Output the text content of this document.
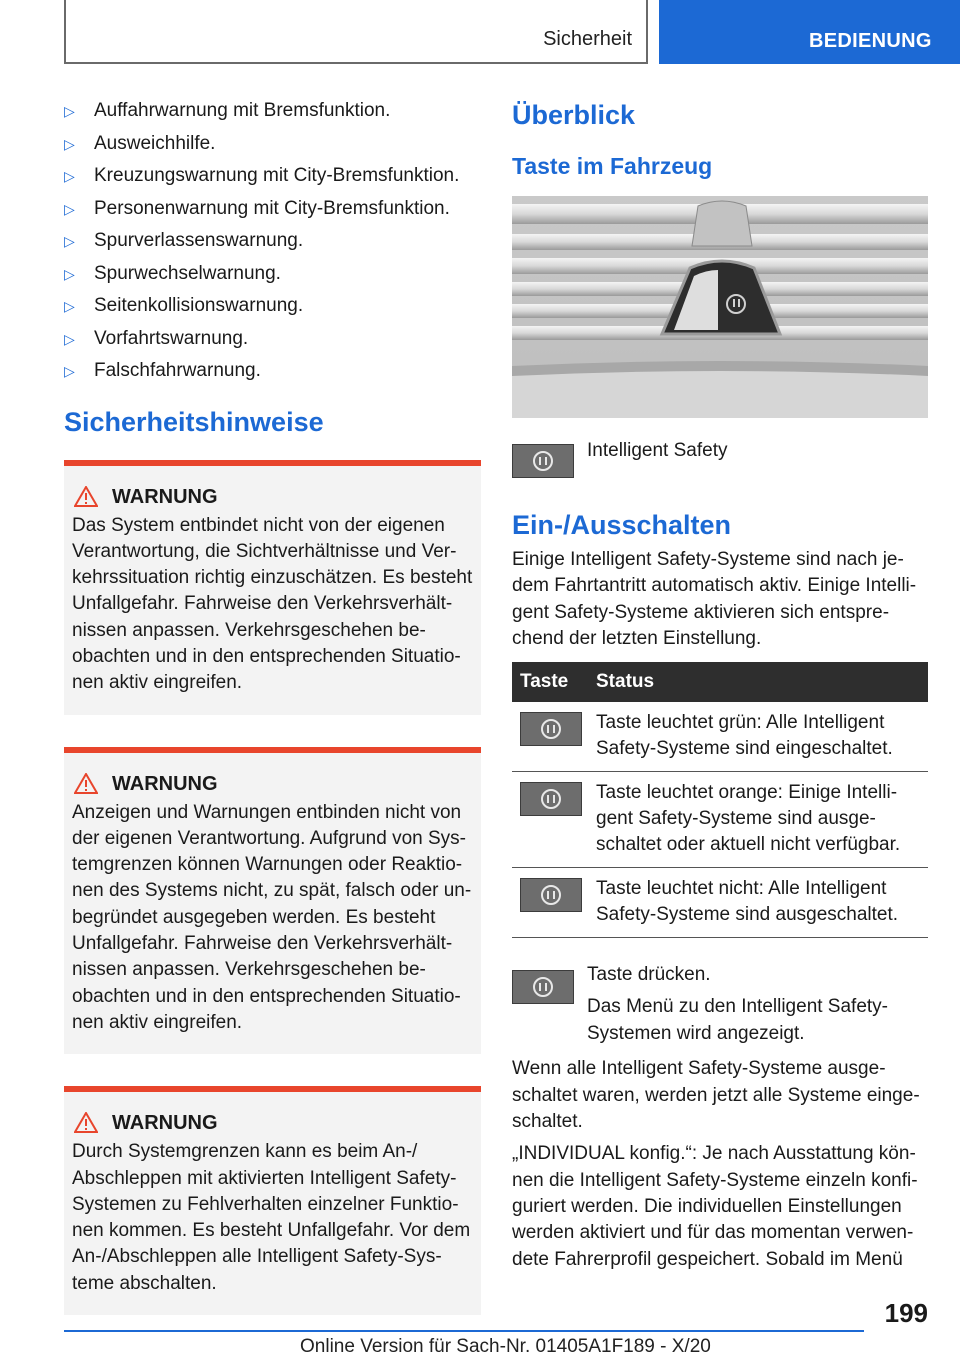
Sicherheit	BEDIENUNG
▷ Auffahrwarnung mit Bremsfunktion.
▷ Ausweichhilfe.
▷ Kreuzungswarnung mit City-Bremsfunktion.
▷ Personenwarnung mit City-Bremsfunktion.
▷ Spurverlassenswarnung.
▷ Spurwechselwarnung.
▷ Seitenkollisionswarnung.
▷ Vorfahrtswarnung.
▷ Falschfahrwarnung.
Sicherheitshinweise
WARNUNG
Das System entbindet nicht von der eigenen Verantwortung, die Sichtverhältnisse und Verkehrssituation richtig einzuschätzen. Es besteht Unfallgefahr. Fahrweise den Verkehrsverhältnissen anpassen. Verkehrsgeschehen beobachten und in den entsprechenden Situationen aktiv eingreifen.
WARNUNG
Anzeigen und Warnungen entbinden nicht von der eigenen Verantwortung. Aufgrund von Systemgrenzen können Warnungen oder Reaktionen des Systems nicht, zu spät, falsch oder unbegründet ausgegeben werden. Es besteht Unfallgefahr. Fahrweise den Verkehrsverhältnissen anpassen. Verkehrsgeschehen beobachten und in den entsprechenden Situationen aktiv eingreifen.
WARNUNG
Durch Systemgrenzen kann es beim An-/ Abschleppen mit aktivierten Intelligent Safety-Systemen zu Fehlverhalten einzelner Funktionen kommen. Es besteht Unfallgefahr. Vor dem An-/Abschleppen alle Intelligent Safety-Systeme abschalten.
Überblick
Taste im Fahrzeug
Intelligent Safety
Ein-/Ausschalten

Einige Intelligent Safety-Systeme sind nach jedem Fahrtantritt automatisch aktiv. Einige Intelligent Safety-Systeme aktivieren sich entsprechend der letzten Einstellung.

Taste	Status

	Taste leuchtet grün: Alle Intelligent Safety-Systeme sind eingeschaltet.

	Taste leuchtet orange: Einige Intelligent Safety-Systeme sind ausgeschaltet oder aktuell nicht verfügbar.

	Taste leuchtet nicht: Alle Intelligent Safety-Systeme sind ausgeschaltet.

Taste drücken.

Das Menü zu den Intelligent Safety-Systemen wird angezeigt.

Wenn alle Intelligent Safety-Systeme ausgeschaltet waren, werden jetzt alle Systeme eingeschaltet.

„INDIVIDUAL konfig.“: Je nach Ausstattung können die Intelligent Safety-Systeme einzeln konfiguriert werden. Die individuellen Einstellungen werden aktiviert und für das momentan verwendete Fahrerprofil gespeichert. Sobald im Menü

199
Online Version für Sach-Nr. 01405A1F189 - X/20
